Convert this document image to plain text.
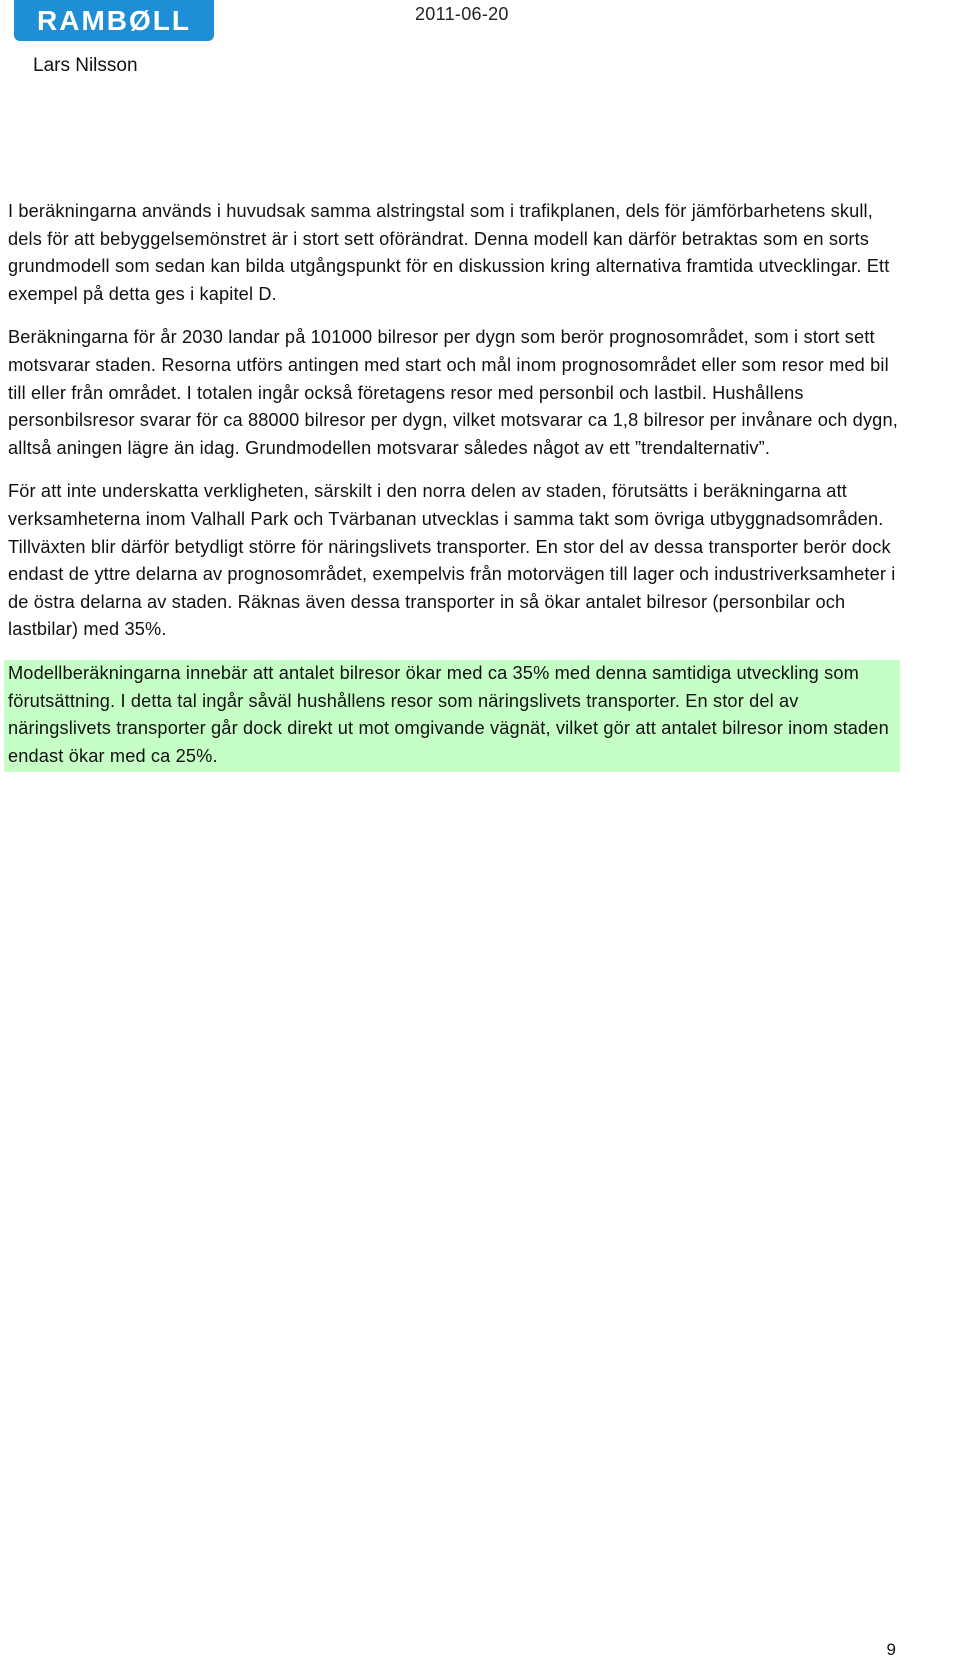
RAMBØLL	2011-06-20
Lars Nilsson

I beräkningarna används i huvudsak samma alstringstal som i trafikplanen, dels för jämförbarhetens skull, dels för att bebyggelsemönstret är i stort sett oförändrat. Denna modell kan därför betraktas som en sorts grundmodell som sedan kan bilda utgångspunkt för en diskussion kring alternativa framtida utvecklingar. Ett exempel på detta ges i kapitel D.

Beräkningarna för år 2030 landar på 101000 bilresor per dygn som berör prognosområdet, som i stort sett motsvarar staden. Resorna utförs antingen med start och mål inom prognosområdet eller som resor med bil till eller från området. I totalen ingår också företagens resor med personbil och lastbil. Hushållens personbilsresor svarar för ca 88000 bilresor per dygn, vilket motsvarar ca 1,8 bilresor per invånare och dygn, alltså aningen lägre än idag. Grundmodellen motsvarar således något av ett ”trendalternativ”.

För att inte underskatta verkligheten, särskilt i den norra delen av staden, förutsätts i beräkningarna att verksamheterna inom Valhall Park och Tvärbanan utvecklas i samma takt som övriga utbyggnadsområden. Tillväxten blir därför betydligt större för näringslivets transporter. En stor del av dessa transporter berör dock endast de yttre delarna av prognosområdet, exempelvis från motorvägen till lager och industriverksamheter i de östra delarna av staden. Räknas även dessa transporter in så ökar antalet bilresor (personbilar och lastbilar) med 35%.

Modellberäkningarna innebär att antalet bilresor ökar med ca 35% med denna samtidiga utveckling som förutsättning. I detta tal ingår såväl hushållens resor som näringslivets transporter. En stor del av näringslivets transporter går dock direkt ut mot omgivande vägnät, vilket gör att antalet bilresor inom staden endast ökar med ca 25%.

9
